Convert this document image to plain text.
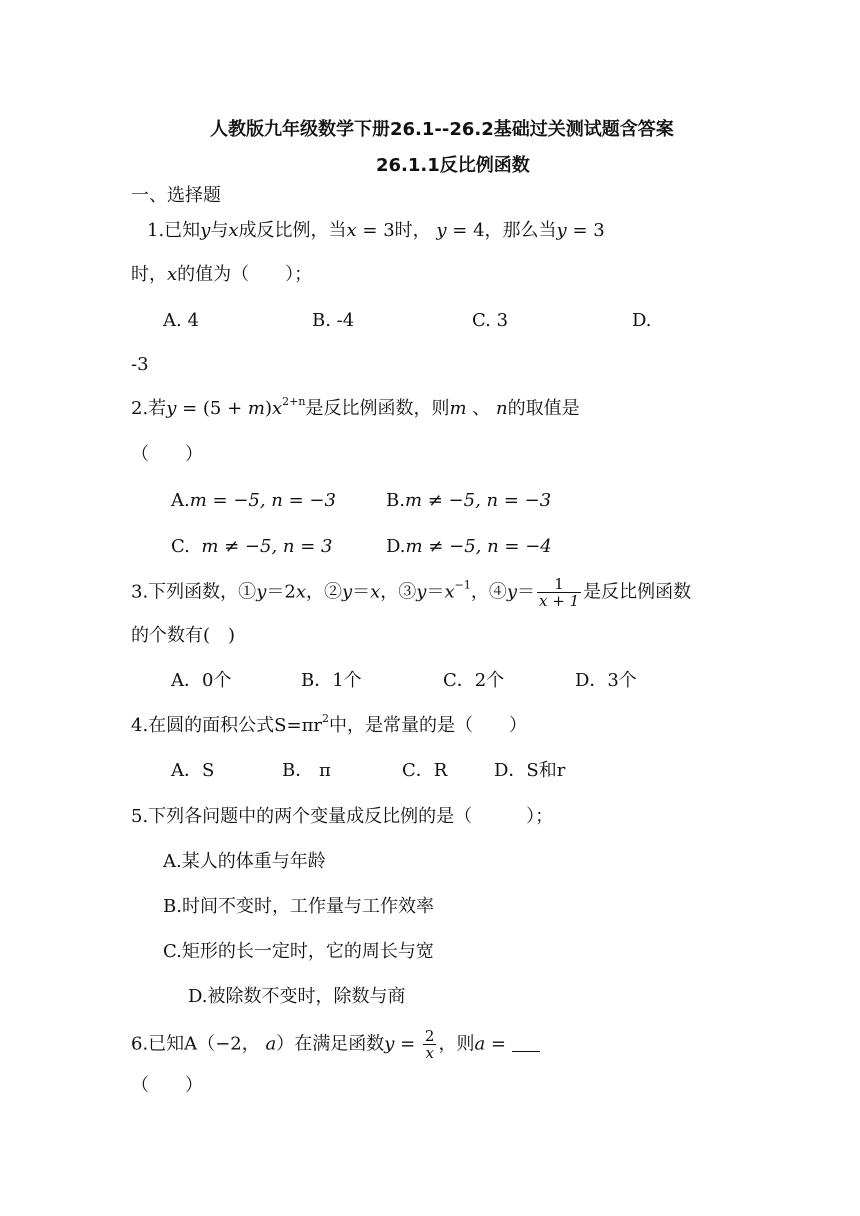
人教版九年级数学下册26.1--26.2基础过关测试题含答案
26.1.1反比例函数
一、选择题
1.已知y与x成反比例，当x = 3时， y = 4，那么当y = 3
时，x的值为（　　）；
A. 4	B. -4	C. 3	D.
-3
2.若$y = (5 + m)x^{2+n}$是反比例函数，则m 、 n的取值是
（　　）
A.m = −5, n = −3	B.m ≠ −5, n = −3
C. m ≠ −5, n = 3	D.m ≠ −5, n = −4
3.下列函数，①y＝2x，②y＝x，$③y=x^{-1}$，④y＝ $\frac{1}{x + 1}$ 是反比例函数
的个数有(　)
A．0个	B．1个	C．2个	D．3个
4.在圆的面积公式$S=\pi r^2$中，是常量的是（　　）
A．S	B． π	C．R	D．S和r
5.下列各问题中的两个变量成反比例的是（　　　）；
A.某人的体重与年龄
B.时间不变时，工作量与工作效率
C.矩形的长一定时，它的周长与宽
D.被除数不变时，除数与商
6.已知A（−2， a）在满足函数$y = \frac{2}{x}$ ，则a =
（　　）
